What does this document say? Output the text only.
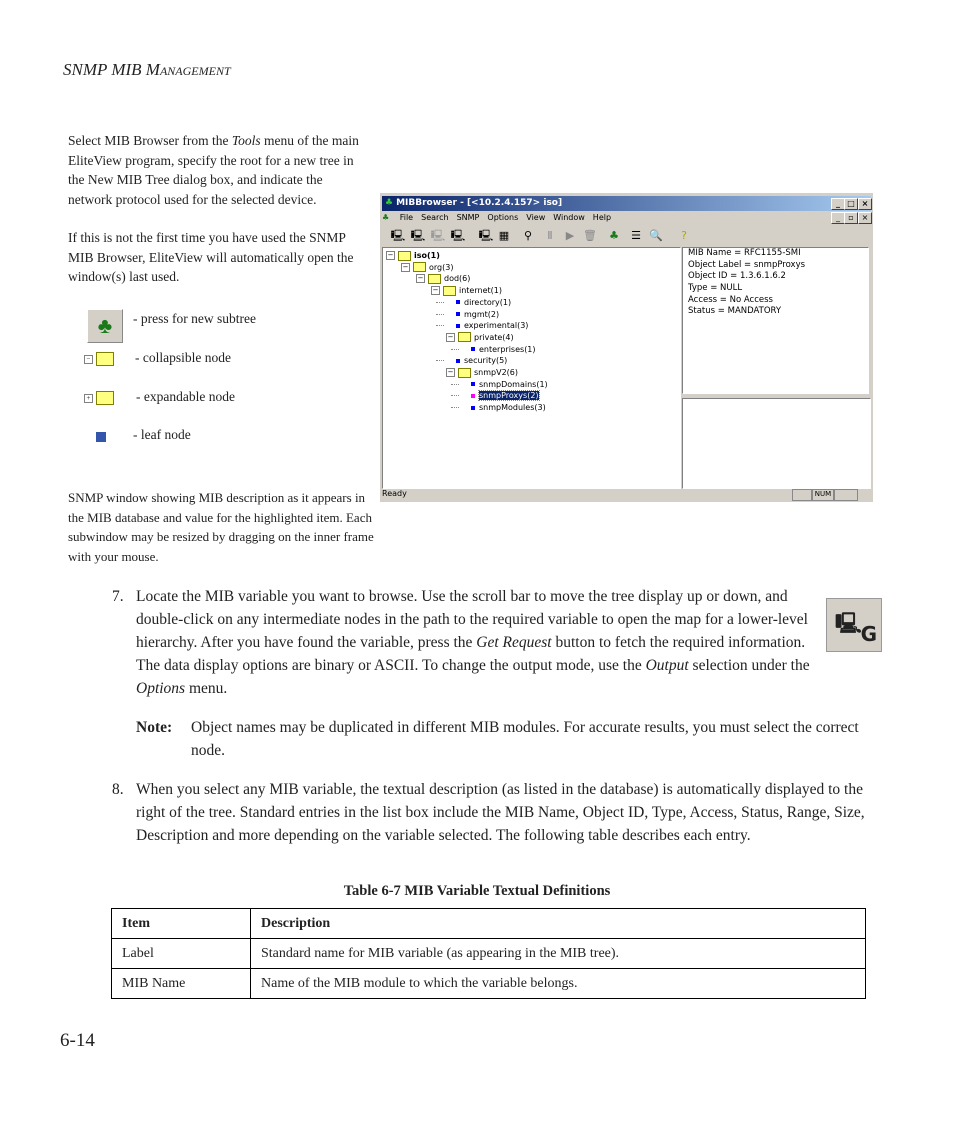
SNMP MIB MANAGEMENT
Select MIB Browser from the Tools menu of the main EliteView program, specify the root for a new tree in the New MIB Tree dialog box, and indicate the network protocol used for the selected device.
If this is not the first time you have used the SNMP MIB Browser, EliteView will automatically open the window(s) last used.
♣	- press for new subtree
−	- collapsible node
+	- expandable node
- leaf node
SNMP window showing MIB description as it appears in the MIB database and value for the highlighted item. Each subwindow may be resized by dragging on the inner frame with your mouse.
♣ MIBBrowser - [<10.2.4.157> iso]	_ □ ×
♣ File Search SNMP Options View Window Help	_	▫ ×
🖳 🖳 🖳 🖳 🖳 ▦	⚲	Ⅱ	▶ 🗑 ♣ ☰ 🔍	?
−	iso(1)
−	org(3)
−	dod(6)
−	internet(1)
directory(1)
mgmt(2)
experimental(3)
−	private(4)
enterprises(1)
security(5)
−	snmpV2(6)
snmpDomains(1)
snmpProxys(2)
snmpModules(3)
MIB Name = RFC1155-SMI
Object Label = snmpProxys
Object ID = 1.3.6.1.6.2
Type = NULL
Access = No Access
Status = MANDATORY
Ready	NUM
7. Locate the MIB variable you want to browse. Use the scroll bar to move the tree display up or down, and double-click on any intermediate nodes in the path to the required variable to open the map for a lower-level hierarchy. After you have found the variable, press the Get Request button to fetch the required information. The data display options are binary or ASCII. To change the output mode, use the Output selection under the Options menu.
🖳
G
Note: Object names may be duplicated in different MIB modules. For accurate results, you must select the correct node.
8. When you select any MIB variable, the textual description (as listed in the database) is automatically displayed to the right of the tree. Standard entries in the list box include the MIB Name, Object ID, Type, Access, Status, Range, Size, Description and more depending on the variable selected. The following table describes each entry.
Table 6-7 MIB Variable Textual Definitions
Item	Description
Label	Standard name for MIB variable (as appearing in the MIB tree).
MIB Name	Name of the MIB module to which the variable belongs.
6-14
